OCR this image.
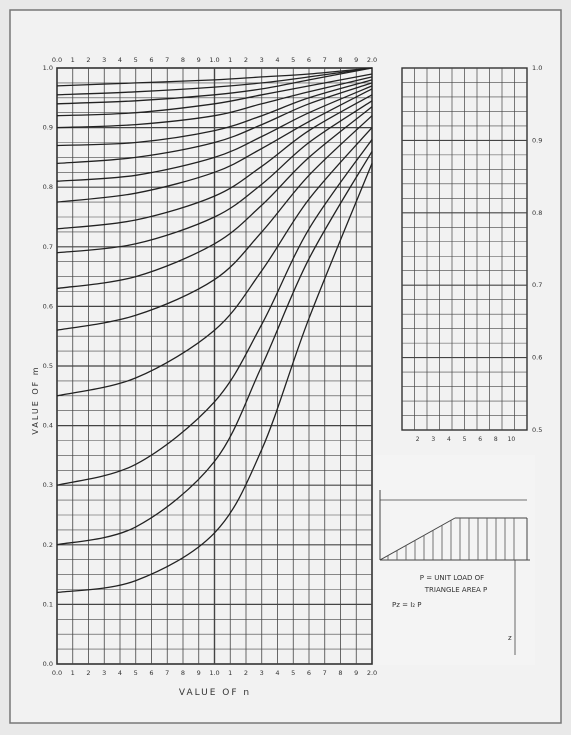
0.0
0.0
1
1
2
2
3
3
4
4
5
5
6
6
7
7
8
8
9
9
1.0
1.0
1
1
2
2
3
3
4
4
5
5
6
6
7
7
8
8
9
9
2.0
2.0
1.0
0.9
0.8
0.7
0.6
0.5
0.4
0.3
0.2
0.1
0.0
2 3 4 5 6 8 10
1.0
0.9
0.8
0.7
0.6
0.5
VALUE OF n
VALUE OF m
P = UNIT LOAD OF
TRIANGLE AREA P
Pz = I₂ P
z
